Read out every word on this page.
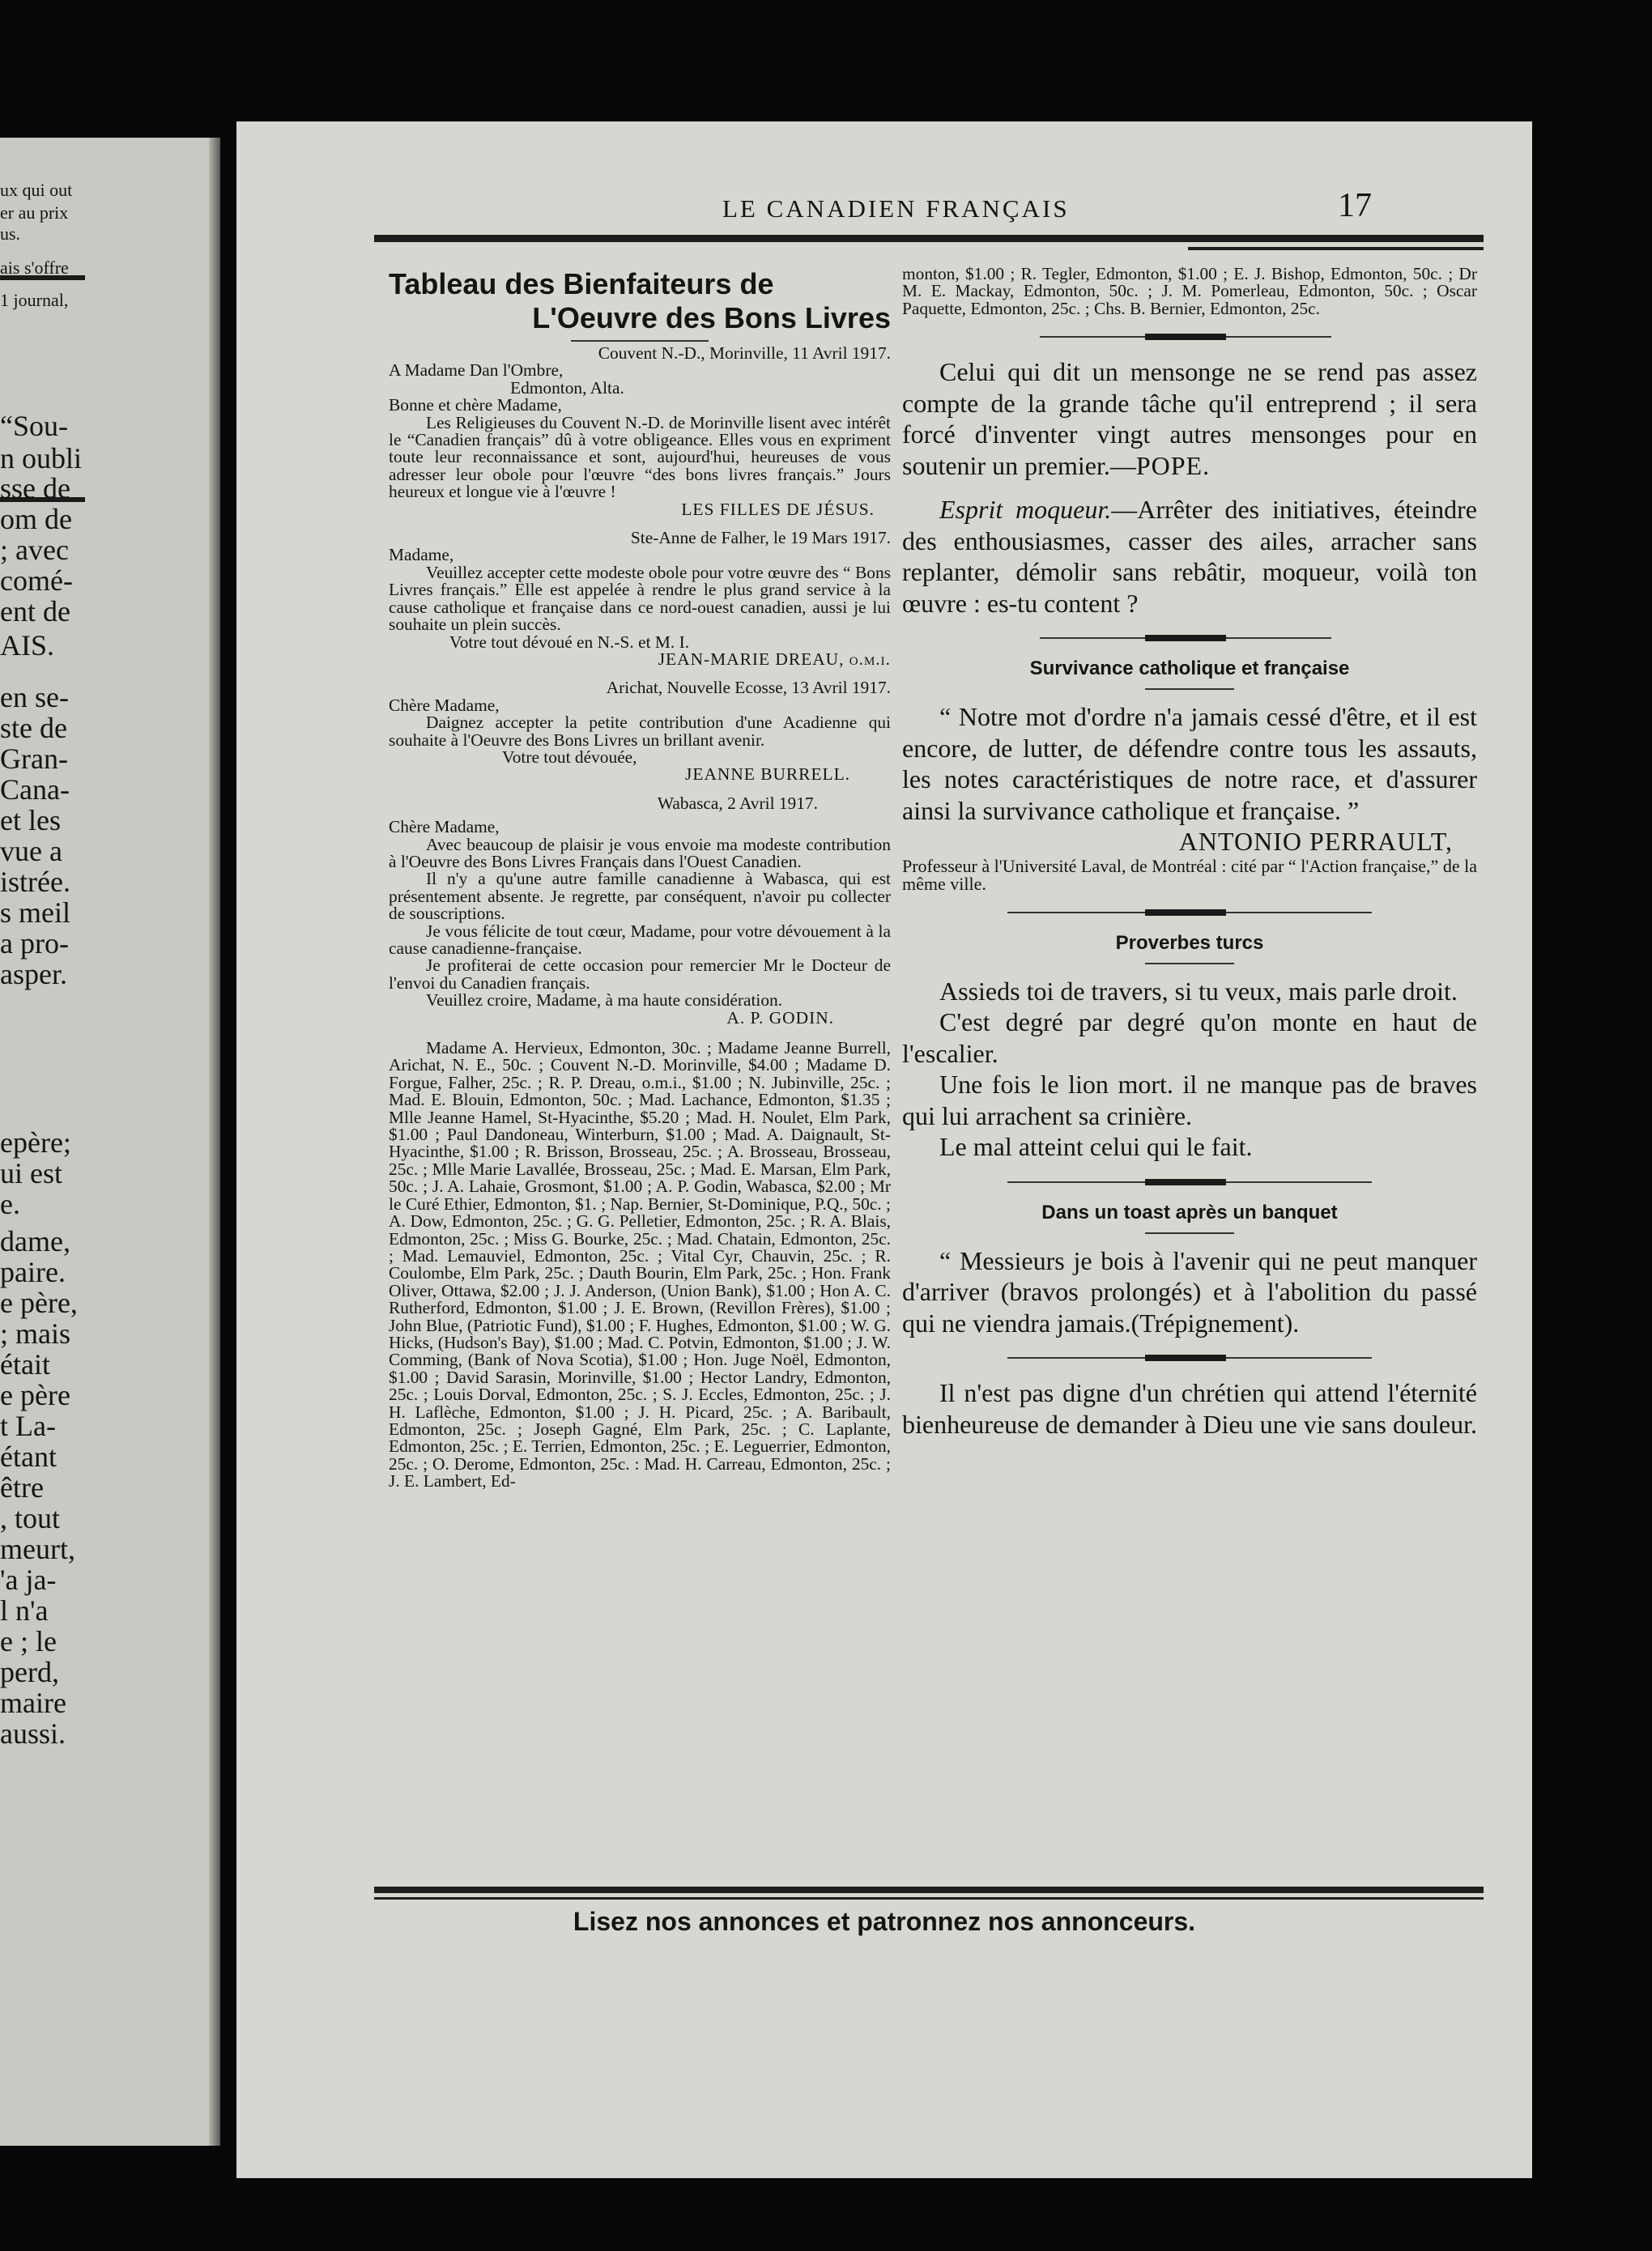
ux qui out
er au prix
us.
ais s'offre
1 journal,
“Sou-
n oubli
sse de
om de
; avec
comé-
ent de
AIS.
en se-
ste de
Gran-
Cana-
et les
vue a
istrée.
s meil
a pro-
asper.
epère;
ui est
e.
dame,
paire.
e père,
; mais
était
e père
t La-
étant
être
, tout
meurt,
'a ja-
l n'a
e ; le
perd,
maire
aussi.
LE CANADIEN FRANÇAIS	17
Tableau des Bienfaiteurs de
L'Oeuvre des Bons Livres

Couvent N.-D., Morinville, 11 Avril 1917.

A Madame Dan l'Ombre,

Edmonton, Alta.

Bonne et chère Madame,

Les Religieuses du Couvent N.-D. de Morinville lisent avec intérêt le “Canadien français” dû à votre obligeance. Elles vous en expriment toute leur reconnaissance et sont, aujourd'hui, heureuses de vous adresser leur obole pour l'œuvre “des bons livres français.” Jours heureux et longue vie à l'œuvre !

LES FILLES DE JÉSUS.

Ste-Anne de Falher, le 19 Mars 1917.

Madame,

Veuillez accepter cette modeste obole pour votre œuvre des “ Bons Livres français.” Elle est appelée à rendre le plus grand service à la cause catholique et française dans ce nord-ouest canadien, aussi je lui souhaite un plein succès.

Votre tout dévoué en N.-S. et M. I.

JEAN-MARIE DREAU, o.m.i.

Arichat, Nouvelle Ecosse, 13 Avril 1917.

Chère Madame,

Daignez accepter la petite contribution d'une Acadienne qui souhaite à l'Oeuvre des Bons Livres un brillant avenir.

Votre tout dévouée,

JEANNE BURRELL.

Wabasca, 2 Avril 1917.

Chère Madame,

Avec beaucoup de plaisir je vous envoie ma modeste contribution à l'Oeuvre des Bons Livres Français dans l'Ouest Canadien.

Il n'y a qu'une autre famille canadienne à Wabasca, qui est présentement absente. Je regrette, par conséquent, n'avoir pu collecter de souscriptions.

Je vous félicite de tout cœur, Madame, pour votre dévouement à la cause canadienne-française.

Je profiterai de cette occasion pour remercier Mr le Docteur de l'envoi du Canadien français.

Veuillez croire, Madame, à ma haute considération.

A. P. GODIN.

Madame A. Hervieux, Edmonton, 30c. ; Madame Jeanne Burrell, Arichat, N. E., 50c. ; Couvent N.-D. Morinville, $4.00 ; Madame D. Forgue, Falher, 25c. ; R. P. Dreau, o.m.i., $1.00 ; N. Jubinville, 25c. ; Mad. E. Blouin, Edmonton, 50c. ; Mad. Lachance, Edmonton, $1.35 ; Mlle Jeanne Hamel, St-Hyacinthe, $5.20 ; Mad. H. Noulet, Elm Park, $1.00 ; Paul Dandoneau, Winterburn, $1.00 ; Mad. A. Daignault, St-Hyacinthe, $1.00 ; R. Brisson, Brosseau, 25c. ; A. Brosseau, Brosseau, 25c. ; Mlle Marie Lavallée, Brosseau, 25c. ; Mad. E. Marsan, Elm Park, 50c. ; J. A. Lahaie, Grosmont, $1.00 ; A. P. Godin, Wabasca, $2.00 ; Mr le Curé Ethier, Edmonton, $1. ; Nap. Bernier, St-Dominique, P.Q., 50c. ; A. Dow, Edmonton, 25c. ; G. G. Pelletier, Edmonton, 25c. ; R. A. Blais, Edmonton, 25c. ; Miss G. Bourke, 25c. ; Mad. Chatain, Edmonton, 25c. ; Mad. Lemauviel, Edmonton, 25c. ; Vital Cyr, Chauvin, 25c. ; R. Coulombe, Elm Park, 25c. ; Dauth Bourin, Elm Park, 25c. ; Hon. Frank Oliver, Ottawa, $2.00 ; J. J. Anderson, (Union Bank), $1.00 ; Hon A. C. Rutherford, Edmonton, $1.00 ; J. E. Brown, (Revillon Frères), $1.00 ; John Blue, (Patriotic Fund), $1.00 ; F. Hughes, Edmonton, $1.00 ; W. G. Hicks, (Hudson's Bay), $1.00 ; Mad. C. Potvin, Edmonton, $1.00 ; J. W. Comming, (Bank of Nova Scotia), $1.00 ; Hon. Juge Noël, Edmonton, $1.00 ; David Sarasin, Morinville, $1.00 ; Hector Landry, Edmonton, 25c. ; Louis Dorval, Edmonton, 25c. ; S. J. Eccles, Edmonton, 25c. ; J. H. Laflèche, Edmonton, $1.00 ; J. H. Picard, 25c. ; A. Baribault, Edmonton, 25c. ; Joseph Gagné, Elm Park, 25c. ; C. Laplante, Edmonton, 25c. ; E. Terrien, Edmonton, 25c. ; E. Leguerrier, Edmonton, 25c. ; O. Derome, Edmonton, 25c. : Mad. H. Carreau, Edmonton, 25c. ; J. E. Lambert, Ed-

monton, $1.00 ; R. Tegler, Edmonton, $1.00 ; E. J. Bishop, Edmonton, 50c. ; Dr M. E. Mackay, Edmonton, 50c. ; J. M. Pomerleau, Edmonton, 50c. ; Oscar Paquette, Edmonton, 25c. ; Chs. B. Bernier, Edmonton, 25c.

Celui qui dit un mensonge ne se rend pas assez compte de la grande tâche qu'il entreprend ; il sera forcé d'inventer vingt autres mensonges pour en soutenir un premier.—POPE.

Esprit moqueur.—Arrêter des initiatives, éteindre des enthousiasmes, casser des ailes, arracher sans replanter, démolir sans rebâtir, moqueur, voilà ton œuvre : es-tu content ?

Survivance catholique et française

“ Notre mot d'ordre n'a jamais cessé d'être, et il est encore, de lutter, de défendre contre tous les assauts, les notes caractéristiques de notre race, et d'assurer ainsi la survivance catholique et française. ”

ANTONIO PERRAULT,

Professeur à l'Université Laval, de Montréal : cité par “ l'Action française,” de la même ville.

Proverbes turcs

Assieds toi de travers, si tu veux, mais parle droit.

C'est degré par degré qu'on monte en haut de l'escalier.

Une fois le lion mort. il ne manque pas de braves qui lui arrachent sa crinière.

Le mal atteint celui qui le fait.

Dans un toast après un banquet

“ Messieurs je bois à l'avenir qui ne peut manquer d'arriver (bravos prolongés) et à l'abolition du passé qui ne viendra jamais.(Trépignement).

Il n'est pas digne d'un chrétien qui attend l'éternité bienheureuse de demander à Dieu une vie sans douleur.

Lisez nos annonces et patronnez nos annonceurs.
